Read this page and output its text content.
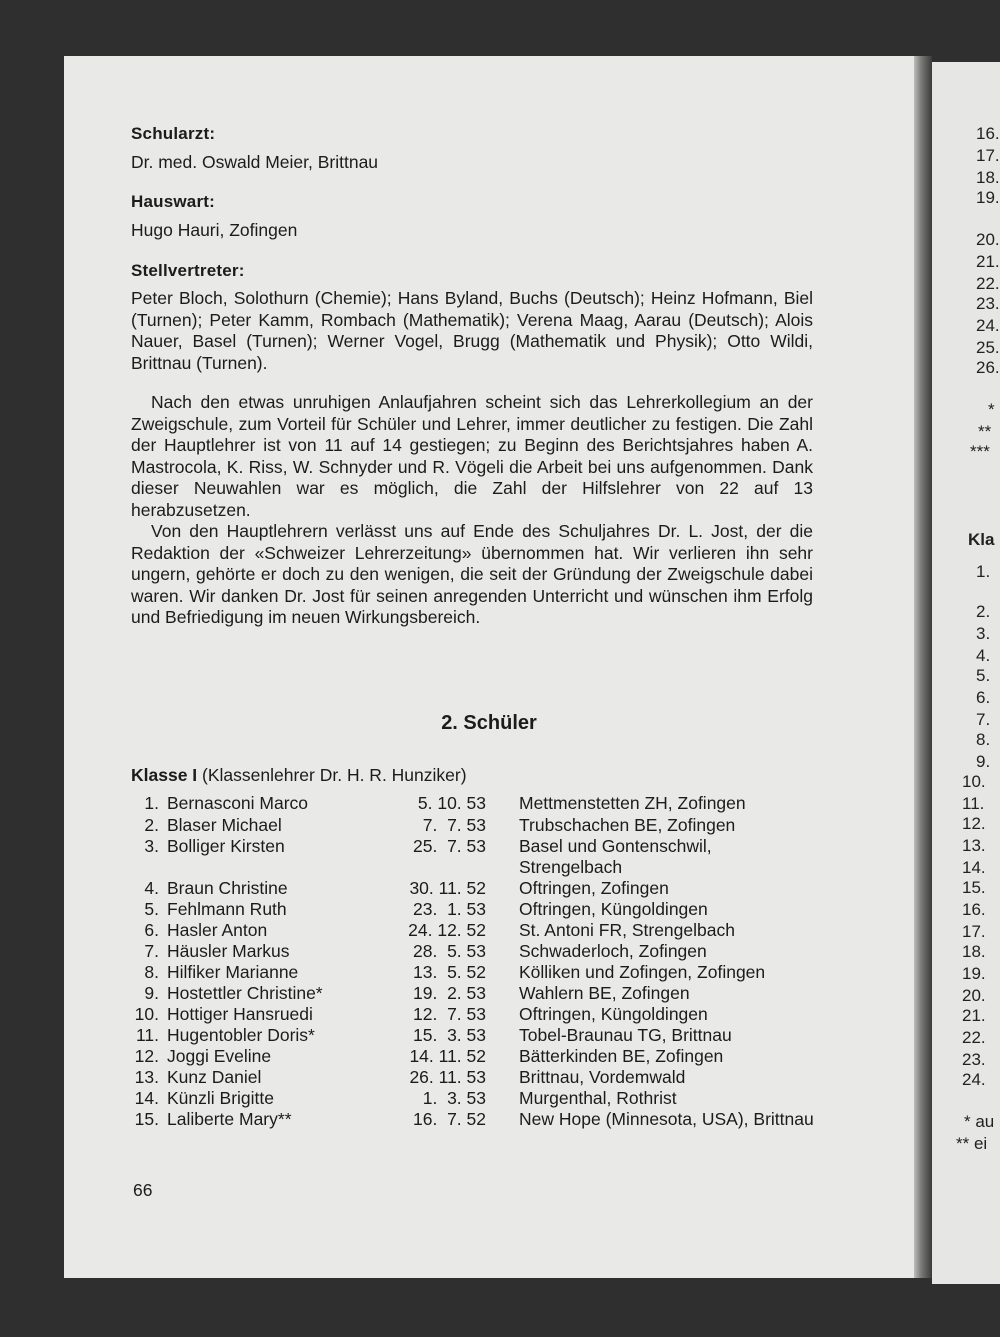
16.
17.
18.
19.
20.
21.
22.
23.
24.
25.
26.
*
**
***
Kla
1.
2.
3.
4.
5.
6.
7.
8.
9.
10.
11.
12.
13.
14.
15.
16.
17.
18.
19.
20.
21.
22.
23.
24.
* au
** ei
Schularzt:
Dr. med. Oswald Meier, Brittnau
Hauswart:
Hugo Hauri, Zofingen
Stellvertreter:
Peter Bloch, Solothurn (Chemie); Hans Byland, Buchs (Deutsch); Heinz Hofmann, Biel (Turnen); Peter Kamm, Rombach (Mathematik); Verena Maag, Aarau (Deutsch); Alois Nauer, Basel (Turnen); Werner Vogel, Brugg (Mathematik und Physik); Otto Wildi, Brittnau (Turnen).
Nach den etwas unruhigen Anlaufjahren scheint sich das Lehrerkollegium an der Zweigschule, zum Vorteil für Schüler und Lehrer, immer deutlicher zu festigen. Die Zahl der Hauptlehrer ist von 11 auf 14 gestiegen; zu Beginn des Berichtsjahres haben A. Mastrocola, K. Riss, W. Schnyder und R. Vögeli die Arbeit bei uns aufgenommen. Dank dieser Neuwahlen war es möglich, die Zahl der Hilfslehrer von 22 auf 13 herabzusetzen.
Von den Hauptlehrern verlässt uns auf Ende des Schuljahres Dr. L. Jost, der die Redaktion der «Schweizer Lehrerzeitung» übernommen hat. Wir verlieren ihn sehr ungern, gehörte er doch zu den wenigen, die seit der Gründung der Zweigschule dabei waren. Wir danken Dr. Jost für seinen anregenden Unterricht und wünschen ihm Erfolg und Befriedigung im neuen Wirkungsbereich.
2. Schüler
Klasse I (Klassenlehrer Dr. H. R. Hunziker)
1. Bernasconi Marco	5. 10. 53 Mettmenstetten ZH, Zofingen
2. Blaser Michael	7.  7. 53 Trubschachen BE, Zofingen
3. Bolliger Kirsten	25.  7. 53 Basel und Gontenschwil, Strengelbach
4. Braun Christine	30. 11. 52 Oftringen, Zofingen
5. Fehlmann Ruth	23.  1. 53 Oftringen, Küngoldingen
6. Hasler Anton	24. 12. 52 St. Antoni FR, Strengelbach
7. Häusler Markus	28.  5. 53 Schwaderloch, Zofingen
8. Hilfiker Marianne	13.  5. 52 Kölliken und Zofingen, Zofingen
9. Hostettler Christine*	19.  2. 53 Wahlern BE, Zofingen
10. Hottiger Hansruedi	12.  7. 53 Oftringen, Küngoldingen
11. Hugentobler Doris*	15.  3. 53 Tobel-Braunau TG, Brittnau
12. Joggi Eveline	14. 11. 52 Bätterkinden BE, Zofingen
13. Kunz Daniel	26. 11. 53 Brittnau, Vordemwald
14. Künzli Brigitte	1.  3. 53 Murgenthal, Rothrist
15. Laliberte Mary**	16.  7. 52 New Hope (Minnesota, USA), Brittnau
66
